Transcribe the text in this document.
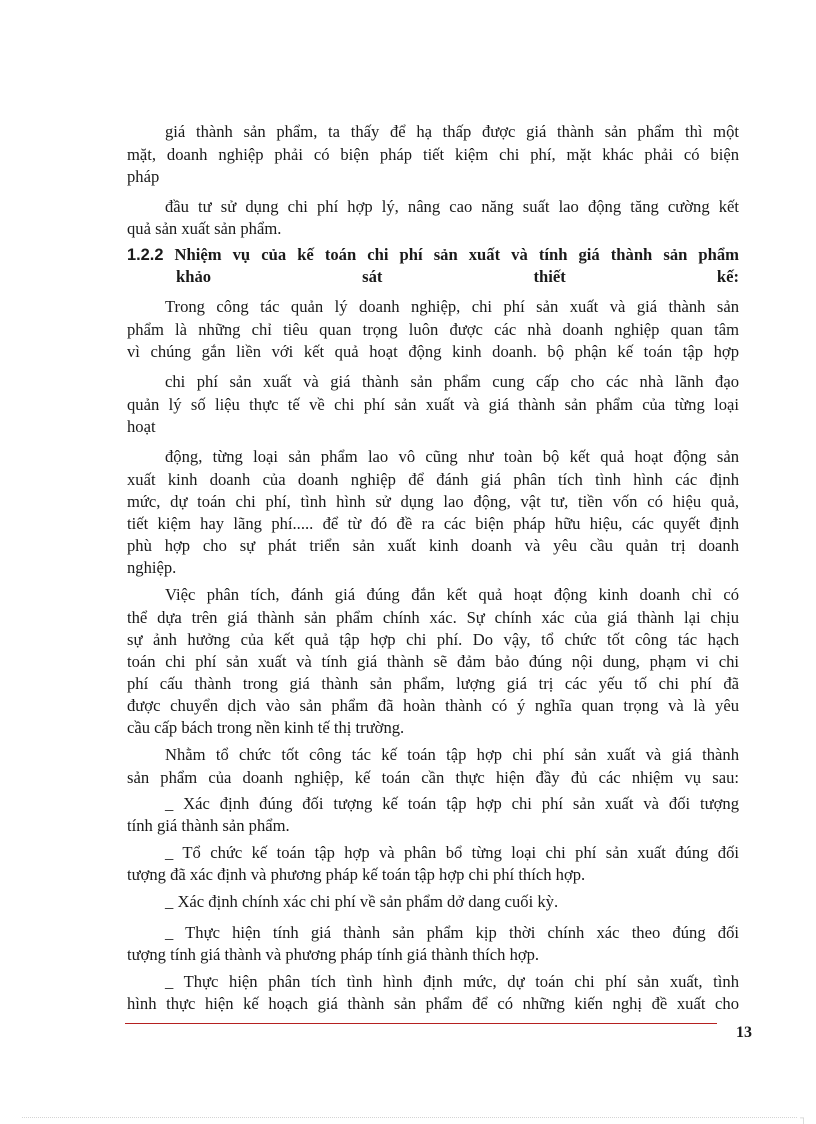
giá thành sản phẩm, ta thấy để hạ thấp được giá thành sản phẩm thì một

mặt, doanh nghiệp phải có biện pháp tiết kiệm chi phí, mặt khác phải có biện

pháp

đầu tư sử dụng chi phí hợp lý, nâng cao năng suất lao động tăng cường kết

quả sản xuất sản phẩm.

1.2.2 Nhiệm vụ của kế toán chi phí sản xuất và tính giá thành sản phẩm

khảo sát thiết kế:

Trong công tác quản lý doanh nghiệp, chi phí sản xuất và giá thành sản

phẩm là những chỉ tiêu quan trọng luôn được các nhà doanh nghiệp quan tâm

vì chúng gắn liền với kết quả hoạt động kinh doanh. bộ phận kế toán tập hợp

chi phí sản xuất và giá thành sản phẩm cung cấp cho các nhà lãnh đạo

quản lý số liệu thực tế về chi phí sản xuất và giá thành sản phẩm của từng loại

hoạt

động, từng loại sản phẩm lao vô cũng như toàn bộ kết quả hoạt động sản

xuất kinh doanh của doanh nghiệp để đánh giá phân tích tình hình các định

mức, dự toán chi phí, tình hình sử dụng lao động, vật tư, tiền vốn có hiệu quả,

tiết kiệm hay lãng phí..... để từ đó đề ra các biện pháp hữu hiệu, các quyết định

phù hợp cho sự phát triển sản xuất kinh doanh và yêu cầu quản trị doanh

nghiệp.

Việc phân tích, đánh giá đúng đắn kết quả hoạt động kinh doanh chỉ có

thể dựa trên giá thành sản phẩm chính xác. Sự chính xác của giá thành lại chịu

sự ảnh hưởng của kết quả tập hợp chi phí. Do vậy, tổ chức tốt công tác hạch

toán chi phí sản xuất và tính giá thành sẽ đảm bảo đúng nội dung, phạm vi chi

phí cấu thành trong giá thành sản phẩm, lượng giá trị các yếu tố chi phí đã

được chuyển dịch vào sản phẩm đã hoàn thành có ý nghĩa quan trọng và là yêu

cầu cấp bách trong nền kinh tế thị trường.

Nhằm tổ chức tốt công tác kế toán tập hợp chi phí sản xuất và giá thành

sản phẩm của doanh nghiệp, kế toán cần thực hiện đầy đủ các nhiệm vụ sau:

_ Xác định đúng đối tượng kế toán tập hợp chi phí sản xuất và đối tượng

tính giá thành sản phẩm.

_ Tổ chức kế toán tập hợp và phân bổ từng loại chi phí sản xuất đúng đối

tượng đã xác định và phương pháp kế toán tập hợp chi phí thích hợp.

_ Xác định chính xác chi phí về sản phẩm dở dang cuối kỳ.

_ Thực hiện tính giá thành sản phẩm kịp thời chính xác theo đúng đối

tượng tính giá thành và phương pháp tính giá thành thích hợp.

_ Thực hiện phân tích tình hình định mức, dự toán chi phí sản xuất, tình

hình thực hiện kế hoạch giá thành sản phẩm để có những kiến nghị đề xuất cho

13
┐
